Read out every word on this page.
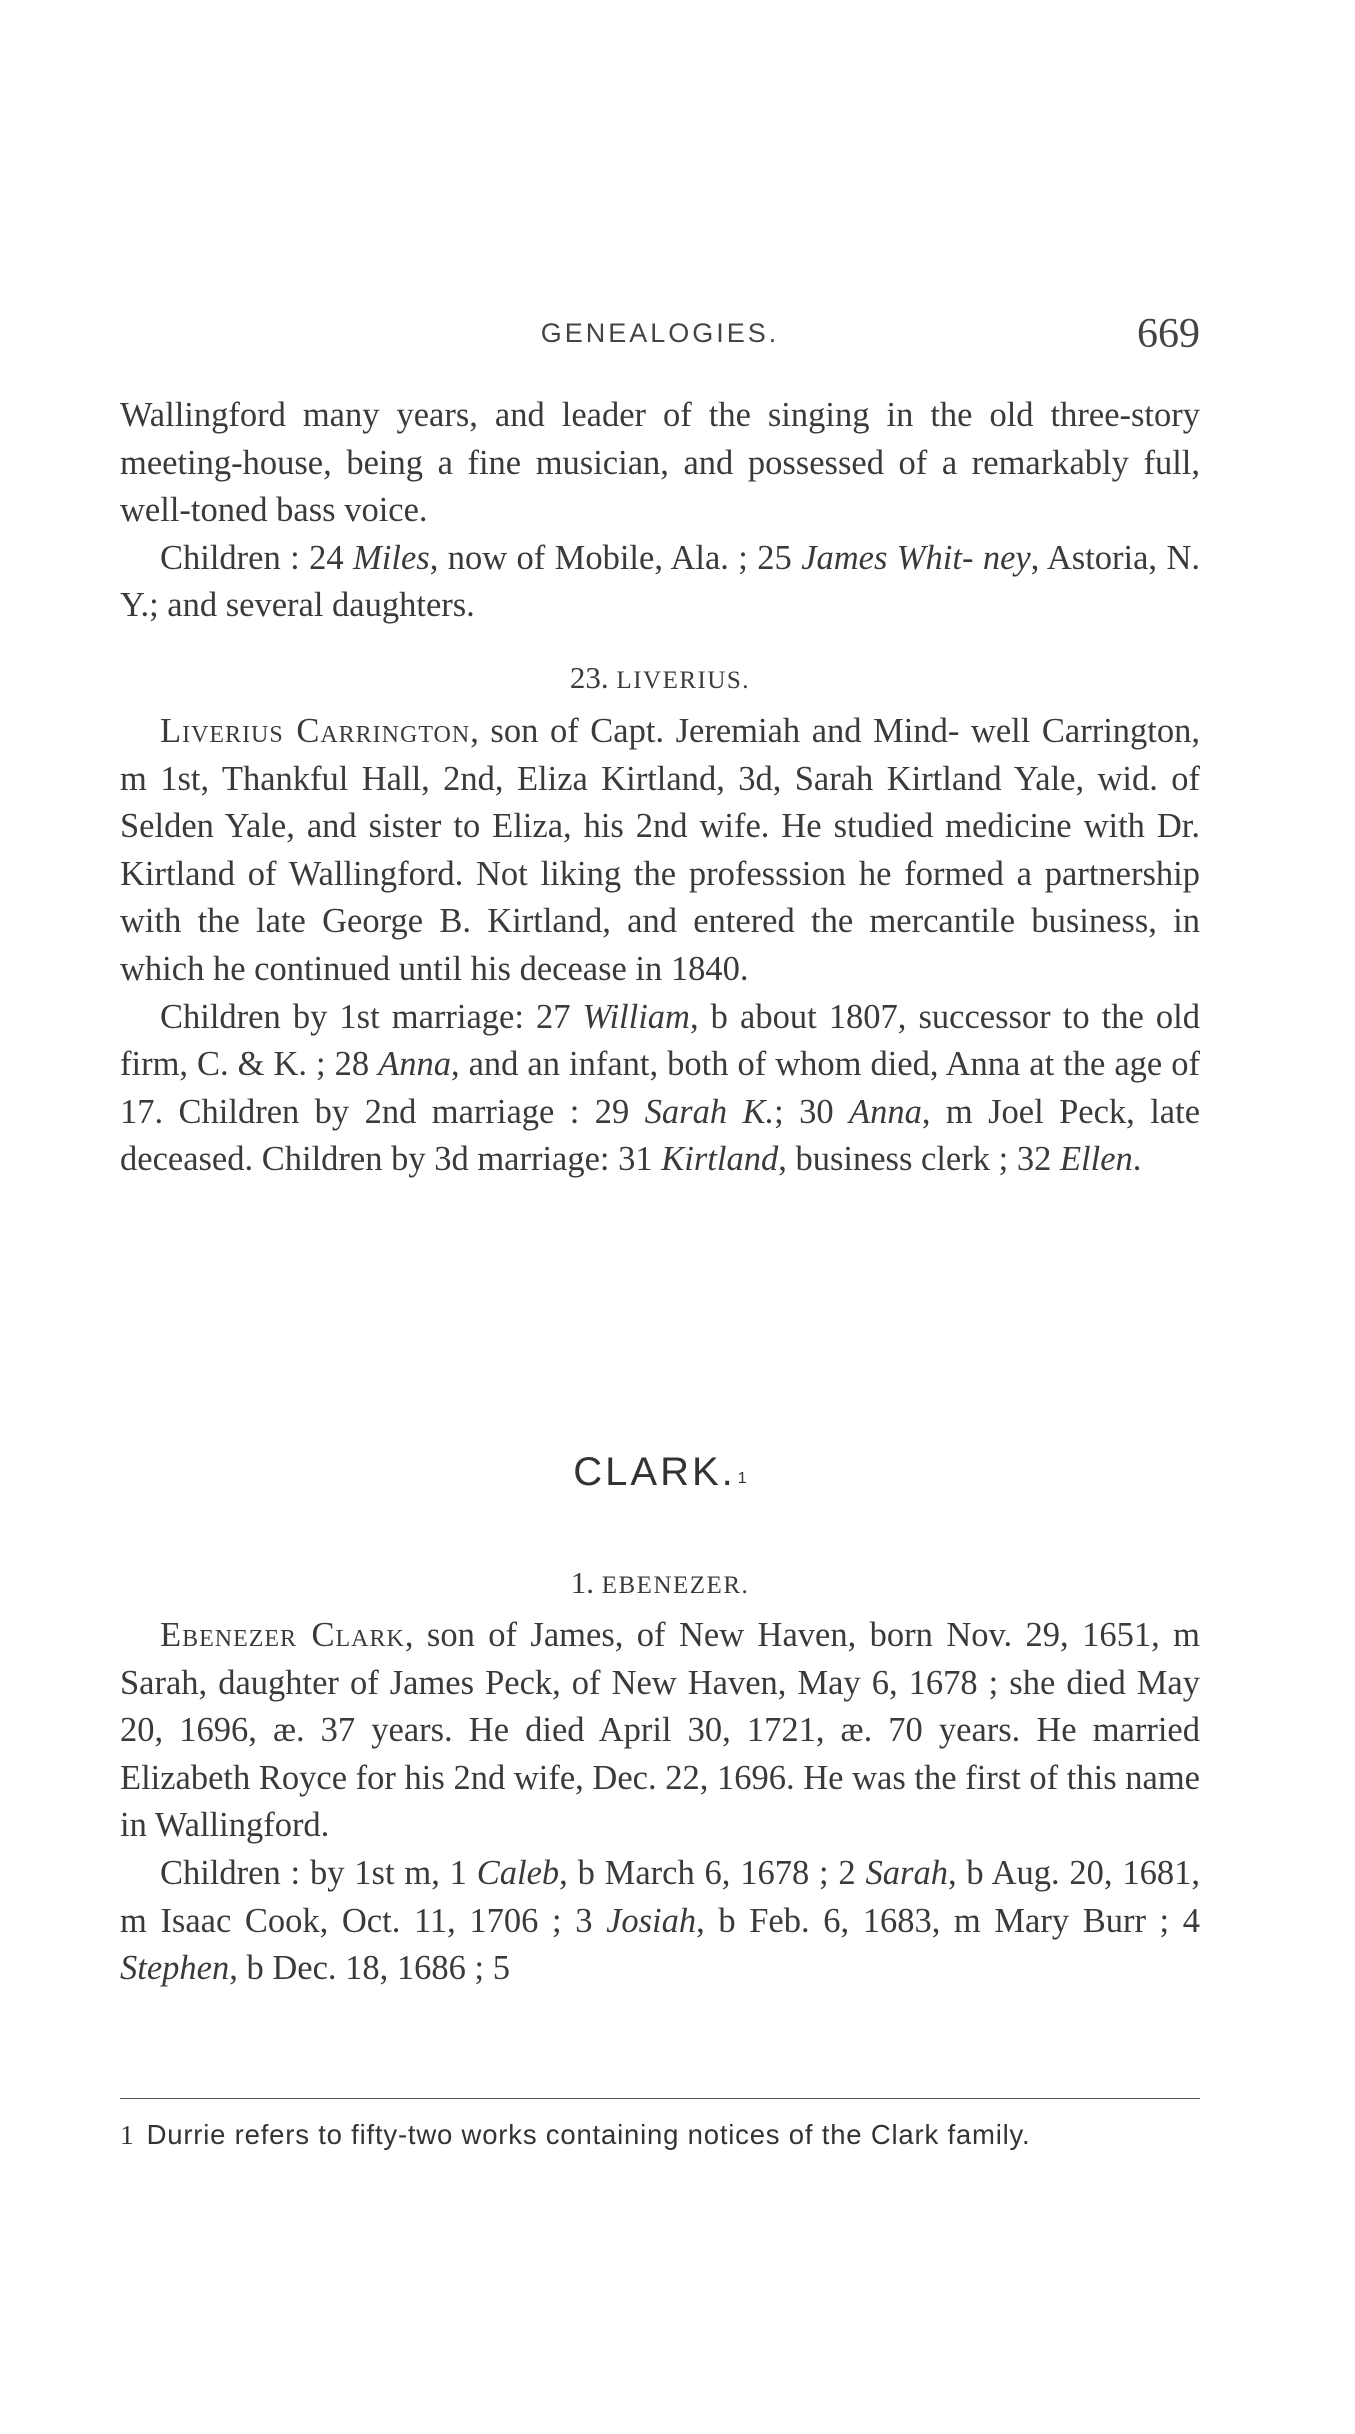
GENEALOGIES.	669

Wallingford many years, and leader of the singing in the old three-story meeting-house, being a fine musician, and possessed of a remarkably full, well-toned bass voice.

Children : 24 Miles, now of Mobile, Ala. ; 25 James Whit- ney, Astoria, N. Y.; and several daughters.

23. LIVERIUS.

Liverius Carrington, son of Capt. Jeremiah and Mind- well Carrington, m 1st, Thankful Hall, 2nd, Eliza Kirtland, 3d, Sarah Kirtland Yale, wid. of Selden Yale, and sister to Eliza, his 2nd wife. He studied medicine with Dr. Kirtland of Wallingford. Not liking the professsion he formed a partnership with the late George B. Kirtland, and entered the mercantile business, in which he continued until his decease in 1840.

Children by 1st marriage: 27 William, b about 1807, successor to the old firm, C. & K. ; 28 Anna, and an infant, both of whom died, Anna at the age of 17. Children by 2nd marriage : 29 Sarah K.; 30 Anna, m Joel Peck, late deceased. Children by 3d marriage: 31 Kirtland, business clerk ; 32 Ellen.

CLARK. $^1$
1. EBENEZER.

Ebenezer Clark, son of James, of New Haven, born Nov. 29, 1651, m Sarah, daughter of James Peck, of New Haven, May 6, 1678 ; she died May 20, 1696, æ. 37 years. He died April 30, 1721, æ. 70 years. He married Elizabeth Royce for his 2nd wife, Dec. 22, 1696. He was the first of this name in Wallingford.

Children : by 1st m, 1 Caleb, b March 6, 1678 ; 2 Sarah, b Aug. 20, 1681, m Isaac Cook, Oct. 11, 1706 ; 3 Josiah, b Feb. 6, 1683, m Mary Burr ; 4 Stephen, b Dec. 18, 1686 ; 5

1 Durrie refers to fifty-two works containing notices of the Clark family.
